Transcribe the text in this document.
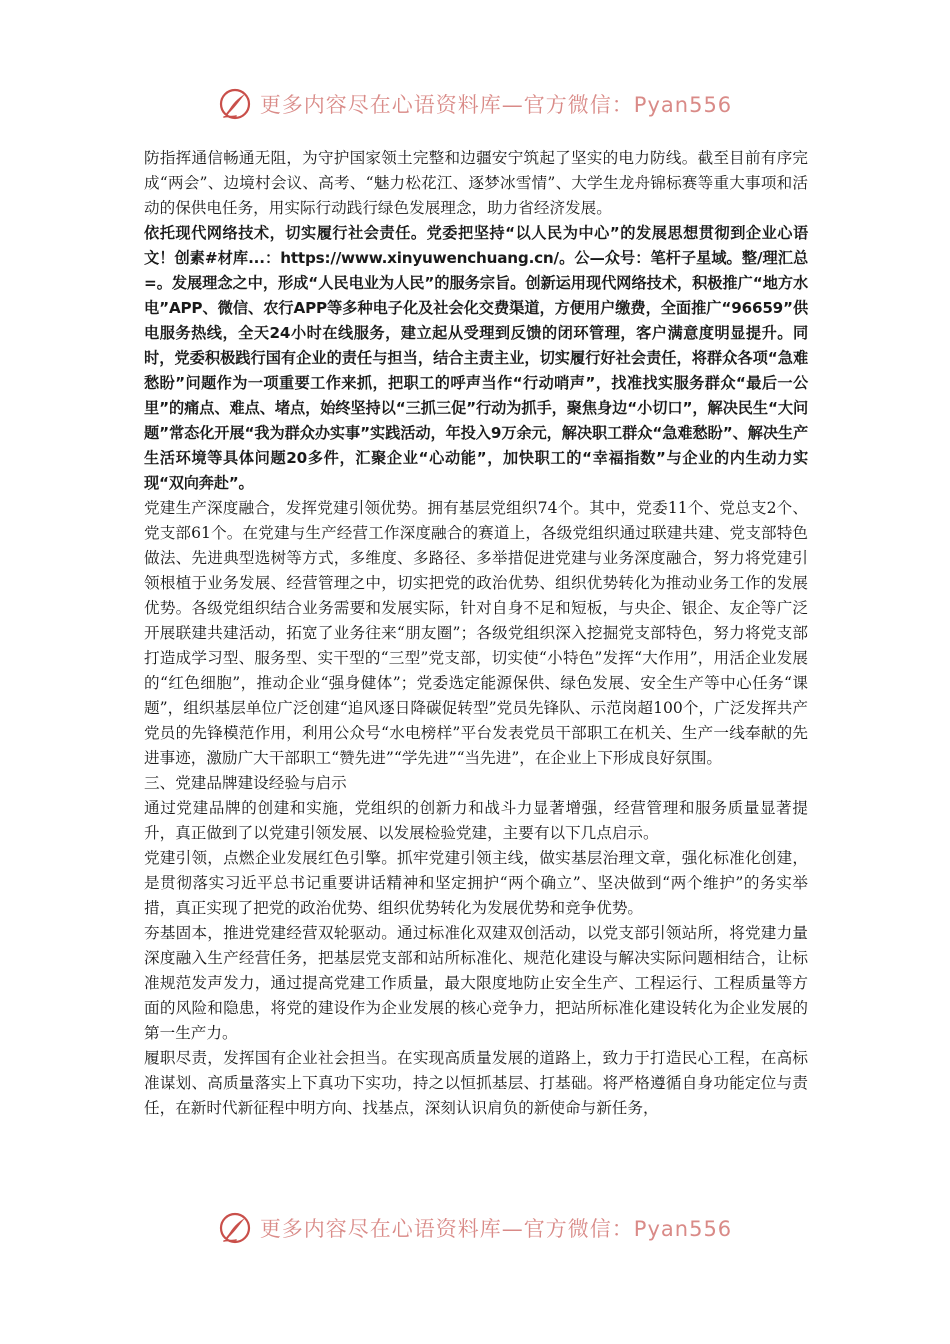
更多内容尽在心语资料库—官方微信：Pyan556

防指挥通信畅通无阻，为守护国家领土完整和边疆安宁筑起了坚实的电力防线。截至目前有序完成“两会”、边境村会议、高考、“魅力松花江、逐梦冰雪情”、大学生龙舟锦标赛等重大事项和活动的保供电任务，用实际行动践行绿色发展理念，助力省经济发展。

依托现代网络技术，切实履行社会责任。党委把坚持“以人民为中心”的发展思想贯彻到企业心语文！创素#材库...：https://www.xinyuwenchuang.cn/。公—众号：笔杆子星域。整/理汇总=。发展理念之中，形成“人民电业为人民”的服务宗旨。创新运用现代网络技术，积极推广“地方水电”APP、微信、农行APP等多种电子化及社会化交费渠道，方便用户缴费，全面推广“96659”供电服务热线，全天24小时在线服务，建立起从受理到反馈的闭环管理，客户满意度明显提升。同时，党委积极践行国有企业的责任与担当，结合主责主业，切实履行好社会责任，将群众各项“急难愁盼”问题作为一项重要工作来抓，把职工的呼声当作“行动哨声”，找准找实服务群众“最后一公里”的痛点、难点、堵点，始终坚持以“三抓三促”行动为抓手，聚焦身边“小切口”，解决民生“大问题”常态化开展“我为群众办实事”实践活动，年投入9万余元，解决职工群众“急难愁盼”、解决生产生活环境等具体问题20多件，汇聚企业“心动能”，加快职工的“幸福指数”与企业的内生动力实现“双向奔赴”。

党建生产深度融合，发挥党建引领优势。拥有基层党组织74个。其中，党委11个、党总支2个、党支部61个。在党建与生产经营工作深度融合的赛道上，各级党组织通过联建共建、党支部特色做法、先进典型选树等方式，多维度、多路径、多举措促进党建与业务深度融合，努力将党建引领根植于业务发展、经营管理之中，切实把党的政治优势、组织优势转化为推动业务工作的发展优势。各级党组织结合业务需要和发展实际，针对自身不足和短板，与央企、银企、友企等广泛开展联建共建活动，拓宽了业务往来“朋友圈”；各级党组织深入挖掘党支部特色，努力将党支部打造成学习型、服务型、实干型的“三型”党支部，切实使“小特色”发挥“大作用”，用活企业发展的“红色细胞”，推动企业“强身健体”；党委选定能源保供、绿色发展、安全生产等中心任务“课题”，组织基层单位广泛创建“追风逐日降碳促转型”党员先锋队、示范岗超100个，广泛发挥共产党员的先锋模范作用，利用公众号“水电榜样”平台发表党员干部职工在机关、生产一线奉献的先进事迹，激励广大干部职工“赞先进”“学先进”“当先进”，在企业上下形成良好氛围。

三、党建品牌建设经验与启示

通过党建品牌的创建和实施，党组织的创新力和战斗力显著增强，经营管理和服务质量显著提升，真正做到了以党建引领发展、以发展检验党建，主要有以下几点启示。

党建引领，点燃企业发展红色引擎。抓牢党建引领主线，做实基层治理文章，强化标准化创建，是贯彻落实习近平总书记重要讲话精神和坚定拥护“两个确立”、坚决做到“两个维护”的务实举措，真正实现了把党的政治优势、组织优势转化为发展优势和竞争优势。

夯基固本，推进党建经营双轮驱动。通过标准化双建双创活动，以党支部引领站所，将党建力量深度融入生产经营任务，把基层党支部和站所标准化、规范化建设与解决实际问题相结合，让标准规范发声发力，通过提高党建工作质量，最大限度地防止安全生产、工程运行、工程质量等方面的风险和隐患，将党的建设作为企业发展的核心竞争力，把站所标准化建设转化为企业发展的第一生产力。

履职尽责，发挥国有企业社会担当。在实现高质量发展的道路上，致力于打造民心工程，在高标准谋划、高质量落实上下真功下实功，持之以恒抓基层、打基础。将严格遵循自身功能定位与责任，在新时代新征程中明方向、找基点，深刻认识肩负的新使命与新任务，

更多内容尽在心语资料库—官方微信：Pyan556
